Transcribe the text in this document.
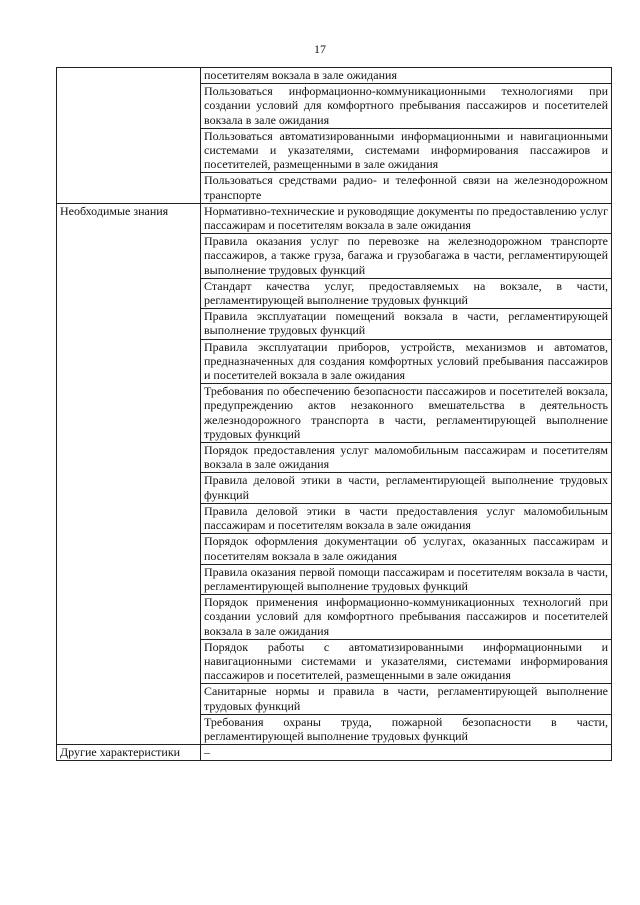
17
	посетителям вокзала в зале ожидания
	Пользоваться информационно-коммуникационными технологиями при создании условий для комфортного пребывания пассажиров и посетителей вокзала в зале ожидания
	Пользоваться автоматизированными информационными и навигационными системами и указателями, системами информирования пассажиров и посетителей, размещенными в зале ожидания
	Пользоваться средствами радио- и телефонной связи на железнодорожном транспорте
Необходимые знания	Нормативно-технические и руководящие документы по предоставлению услуг пассажирам и посетителям вокзала в зале ожидания
	Правила оказания услуг по перевозке на железнодорожном транспорте пассажиров, а также груза, багажа и грузобагажа в части, регламентирующей выполнение трудовых функций
	Стандарт качества услуг, предоставляемых на вокзале, в части, регламентирующей выполнение трудовых функций
	Правила эксплуатации помещений вокзала в части, регламентирующей выполнение трудовых функций
	Правила эксплуатации приборов, устройств, механизмов и автоматов, предназначенных для создания комфортных условий пребывания пассажиров и посетителей вокзала в зале ожидания
	Требования по обеспечению безопасности пассажиров и посетителей вокзала, предупреждению актов незаконного вмешательства в деятельность железнодорожного транспорта в части, регламентирующей выполнение трудовых функций
	Порядок предоставления услуг маломобильным пассажирам и посетителям вокзала в зале ожидания
	Правила деловой этики в части, регламентирующей выполнение трудовых функций
	Правила деловой этики в части предоставления услуг маломобильным пассажирам и посетителям вокзала в зале ожидания
	Порядок оформления документации об услугах, оказанных пассажирам и посетителям вокзала в зале ожидания
	Правила оказания первой помощи пассажирам и посетителям вокзала в части, регламентирующей выполнение трудовых функций
	Порядок применения информационно-коммуникационных технологий при создании условий для комфортного пребывания пассажиров и посетителей вокзала в зале ожидания
	Порядок работы с автоматизированными информационными и навигационными системами и указателями, системами информирования пассажиров и посетителей, размещенными в зале ожидания
	Санитарные нормы и правила в части, регламентирующей выполнение трудовых функций
	Требования охраны труда, пожарной безопасности в части, регламентирующей выполнение трудовых функций
Другие характеристики	–
